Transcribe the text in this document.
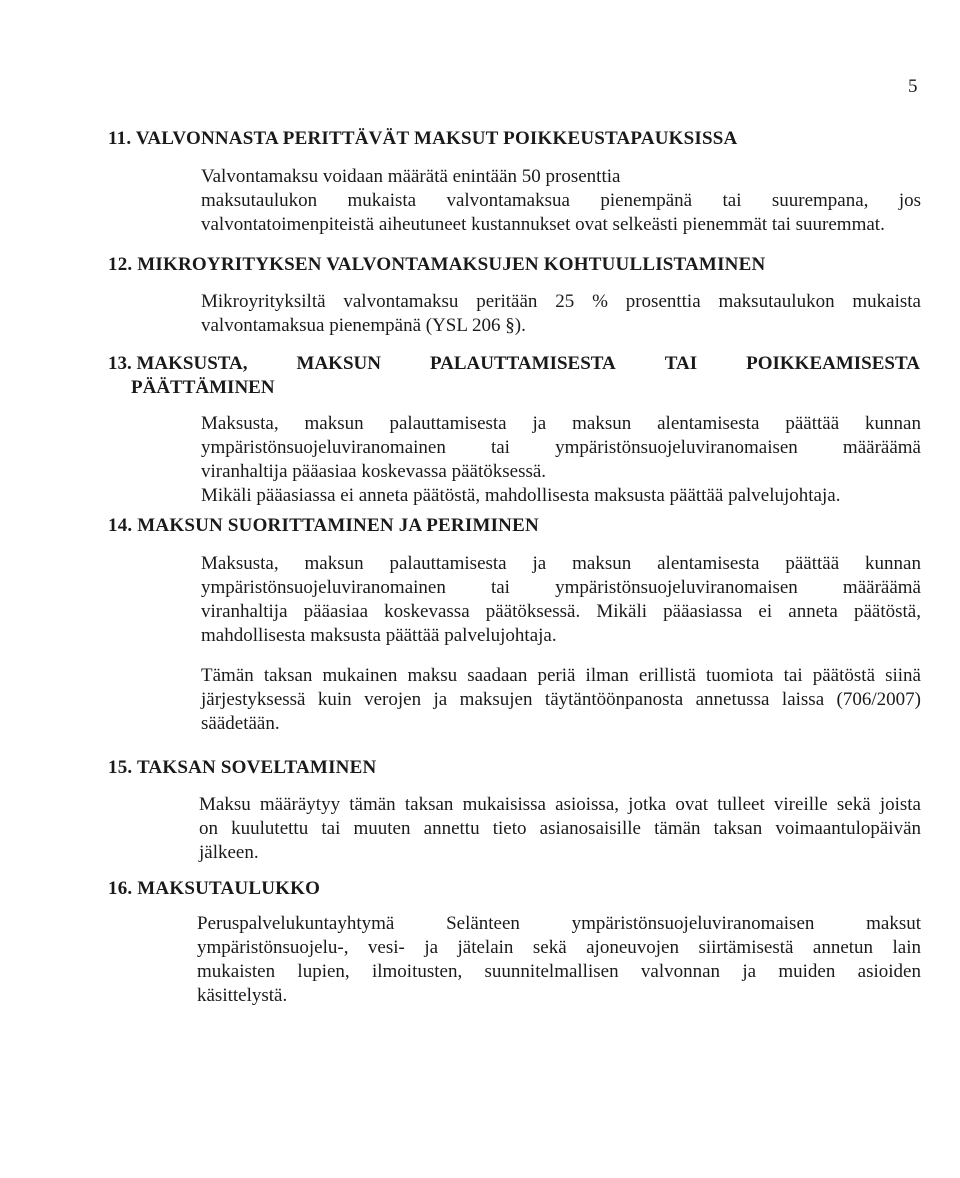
5
11. VALVONNASTA PERITTÄVÄT MAKSUT POIKKEUSTAPAUKSISSA
Valvontamaksu voidaan määrätä enintään 50 prosenttia
maksutaulukon mukaista valvontamaksua pienempänä tai suurempana, jos
valvontatoimenpiteistä aiheutuneet kustannukset ovat selkeästi pienemmät tai suuremmat.
12. MIKROYRITYKSEN VALVONTAMAKSUJEN KOHTUULLISTAMINEN
Mikroyrityksiltä valvontamaksu peritään 25 % prosenttia maksutaulukon mukaista
valvontamaksua pienempänä (YSL 206 §).
13. MAKSUSTA,	MAKSUN	PALAUTTAMISESTA	TAI	POIKKEAMISESTA
PÄÄTTÄMINEN
Maksusta, maksun palauttamisesta ja maksun alentamisesta päättää kunnan
ympäristönsuojeluviranomainen tai ympäristönsuojeluviranomaisen määräämä
viranhaltija pääasiaa koskevassa päätöksessä.
Mikäli pääasiassa ei anneta päätöstä, mahdollisesta maksusta päättää palvelujohtaja.
14. MAKSUN SUORITTAMINEN JA PERIMINEN
Maksusta, maksun palauttamisesta ja maksun alentamisesta päättää kunnan
ympäristönsuojeluviranomainen tai ympäristönsuojeluviranomaisen määräämä
viranhaltija pääasiaa koskevassa päätöksessä. Mikäli pääasiassa ei anneta päätöstä,
mahdollisesta maksusta päättää palvelujohtaja.
Tämän taksan mukainen maksu saadaan periä ilman erillistä tuomiota tai päätöstä siinä
järjestyksessä kuin verojen ja maksujen täytäntöönpanosta annetussa laissa (706/2007)
säädetään.
15. TAKSAN SOVELTAMINEN
Maksu määräytyy tämän taksan mukaisissa asioissa, jotka ovat tulleet vireille sekä joista
on kuulutettu tai muuten annettu tieto asianosaisille tämän taksan voimaantulopäivän
jälkeen.
16. MAKSUTAULUKKO
Peruspalvelukuntayhtymä Selänteen ympäristönsuojeluviranomaisen maksut
ympäristönsuojelu-, vesi- ja jätelain sekä ajoneuvojen siirtämisestä annetun lain
mukaisten lupien, ilmoitusten, suunnitelmallisen valvonnan ja muiden asioiden
käsittelystä.
